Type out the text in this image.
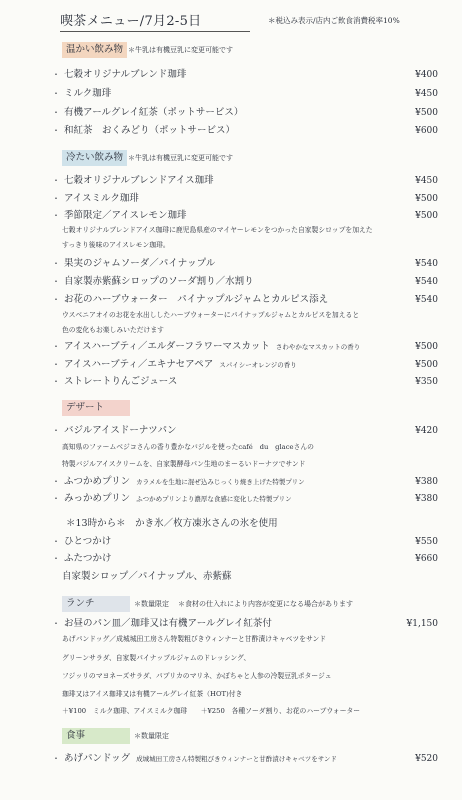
喫茶メニュー/7月2-5日	＊税込み表示/店内ご飲食消費税率10%
温かい飲み物 ＊牛乳は有機豆乳に変更可能です
・ 七穀オリジナルブレンド珈琲	¥400
・ ミルク珈琲	¥450
・ 有機アールグレイ紅茶（ポットサービス）	¥500
・ 和紅茶　おくみどり（ポットサービス）	¥600
冷たい飲み物 ＊牛乳は有機豆乳に変更可能です
・ 七穀オリジナルブレンドアイス珈琲	¥450
・ アイスミルク珈琲	¥500
・ 季節限定／アイスレモン珈琲	¥500
七穀オリジナルブレンドアイス珈琲に鹿児島県産のマイヤーレモンをつかった自家製シロップを加えた
すっきり後味のアイスレモン珈琲。
・ 果実のジャムソーダ／パイナップル	¥540
・ 自家製赤紫蘇シロップのソーダ割り／水割り	¥540
・ お花のハーブウォーター　パイナップルジャムとカルピス添え	¥540
ウスベニアオイのお花を水出ししたハーブウォーターにパイナップルジャムとカルピスを加えると
色の変化もお楽しみいただけます
・ アイスハーブティ／エルダーフラワーマスカット さわやかなマスカットの香り	¥500
・ アイスハーブティ／エキナセアペア スパイシーオレンジの香り	¥500
・ ストレートりんごジュース	¥350
デザート
・ バジルアイスドーナツパン	¥420
高知県のファームベジコさんの香り豊かなバジルを使ったcafé　du　glaceさんの
特製バジルアイスクリームを、自家製酵母パン生地のまーるいドーナツでサンド
・ ふつかめプリン カラメルを生地に混ぜ込みじっくり焼き上げた特製プリン	¥380
・ みっかめプリン ふつかめプリンより濃厚な食感に変化した特製プリン	¥380
＊13時から＊　かき氷／枚方凍氷さんの氷を使用
・ ひとつかけ	¥550
・ ふたつかけ	¥660
自家製シロップ／パイナップル、赤紫蘇
ランチ	＊数量限定 ＊食材の仕入れにより内容が変更になる場合があります
・ お昼のパン皿／珈琲又は有機アールグレイ紅茶付	¥1,150
あげパンドッグ／成城城田工房さん特製粗びきウィンナーと甘酢漬けキャベツをサンド
グリーンサラダ、自家製パイナップルジャムのドレッシング、
フジッリのマヨネーズサラダ、パプリカのマリネ、かぼちゃと人参の冷製豆乳ポタージュ
珈琲又はアイス珈琲又は有機アールグレイ紅茶（HOT)付き
＋¥100　ミルク珈琲、アイスミルク珈琲　　＋¥250　各種ソーダ割り、お花のハーブウォーター
食事	＊数量限定
・ あげパンドッグ 成城城田工房さん特製粗びきウィンナーと甘酢漬けキャベツをサンド	¥520
